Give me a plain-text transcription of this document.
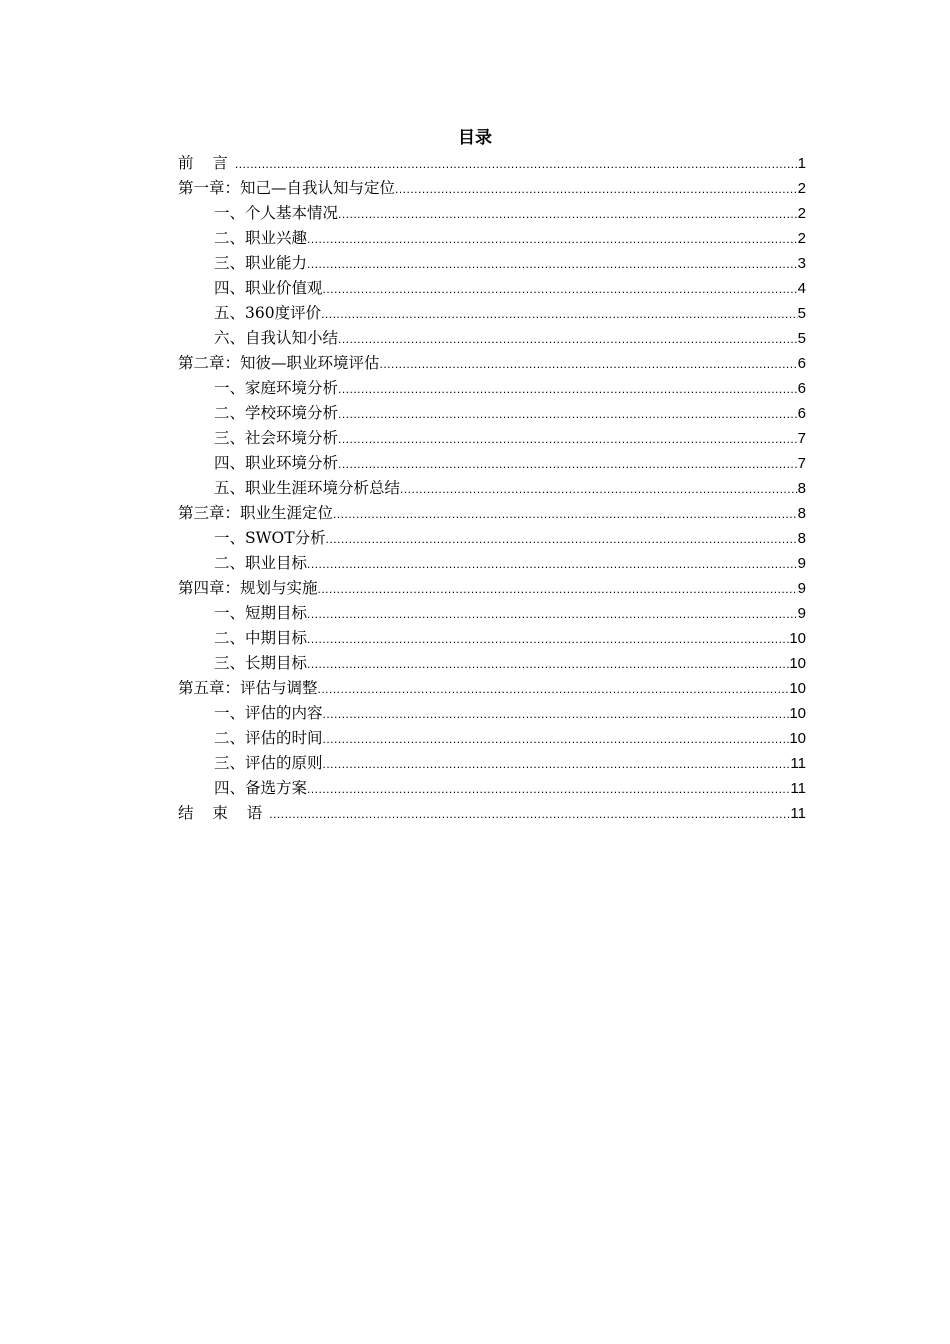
目录
前 言 .....	1
第一章：知己—自我认知与定位 .....	2
一、个人基本情况 .....	2
二、职业兴趣 .....	2
三、职业能力 .....	3
四、职业价值观 .....	4
五、360度评价 .....	5
六、自我认知小结 .....	5
第二章：知彼—职业环境评估 .....	6
一、家庭环境分析 .....	6
二、学校环境分析 .....	6
三、社会环境分析 .....	7
四、职业环境分析 .....	7
五、职业生涯环境分析总结 .....	8
第三章：职业生涯定位 .....	8
一、SWOT分析 .....	8
二、职业目标 .....	9
第四章：规划与实施 .....	9
一、短期目标 .....	9
二、中期目标 .....	10
三、长期目标 .....	10
第五章：评估与调整 .....	10
一、评估的内容 .....	10
二、评估的时间 .....	10
三、评估的原则 .....	11
四、备选方案 .....	11
结 束 语 .....	11
